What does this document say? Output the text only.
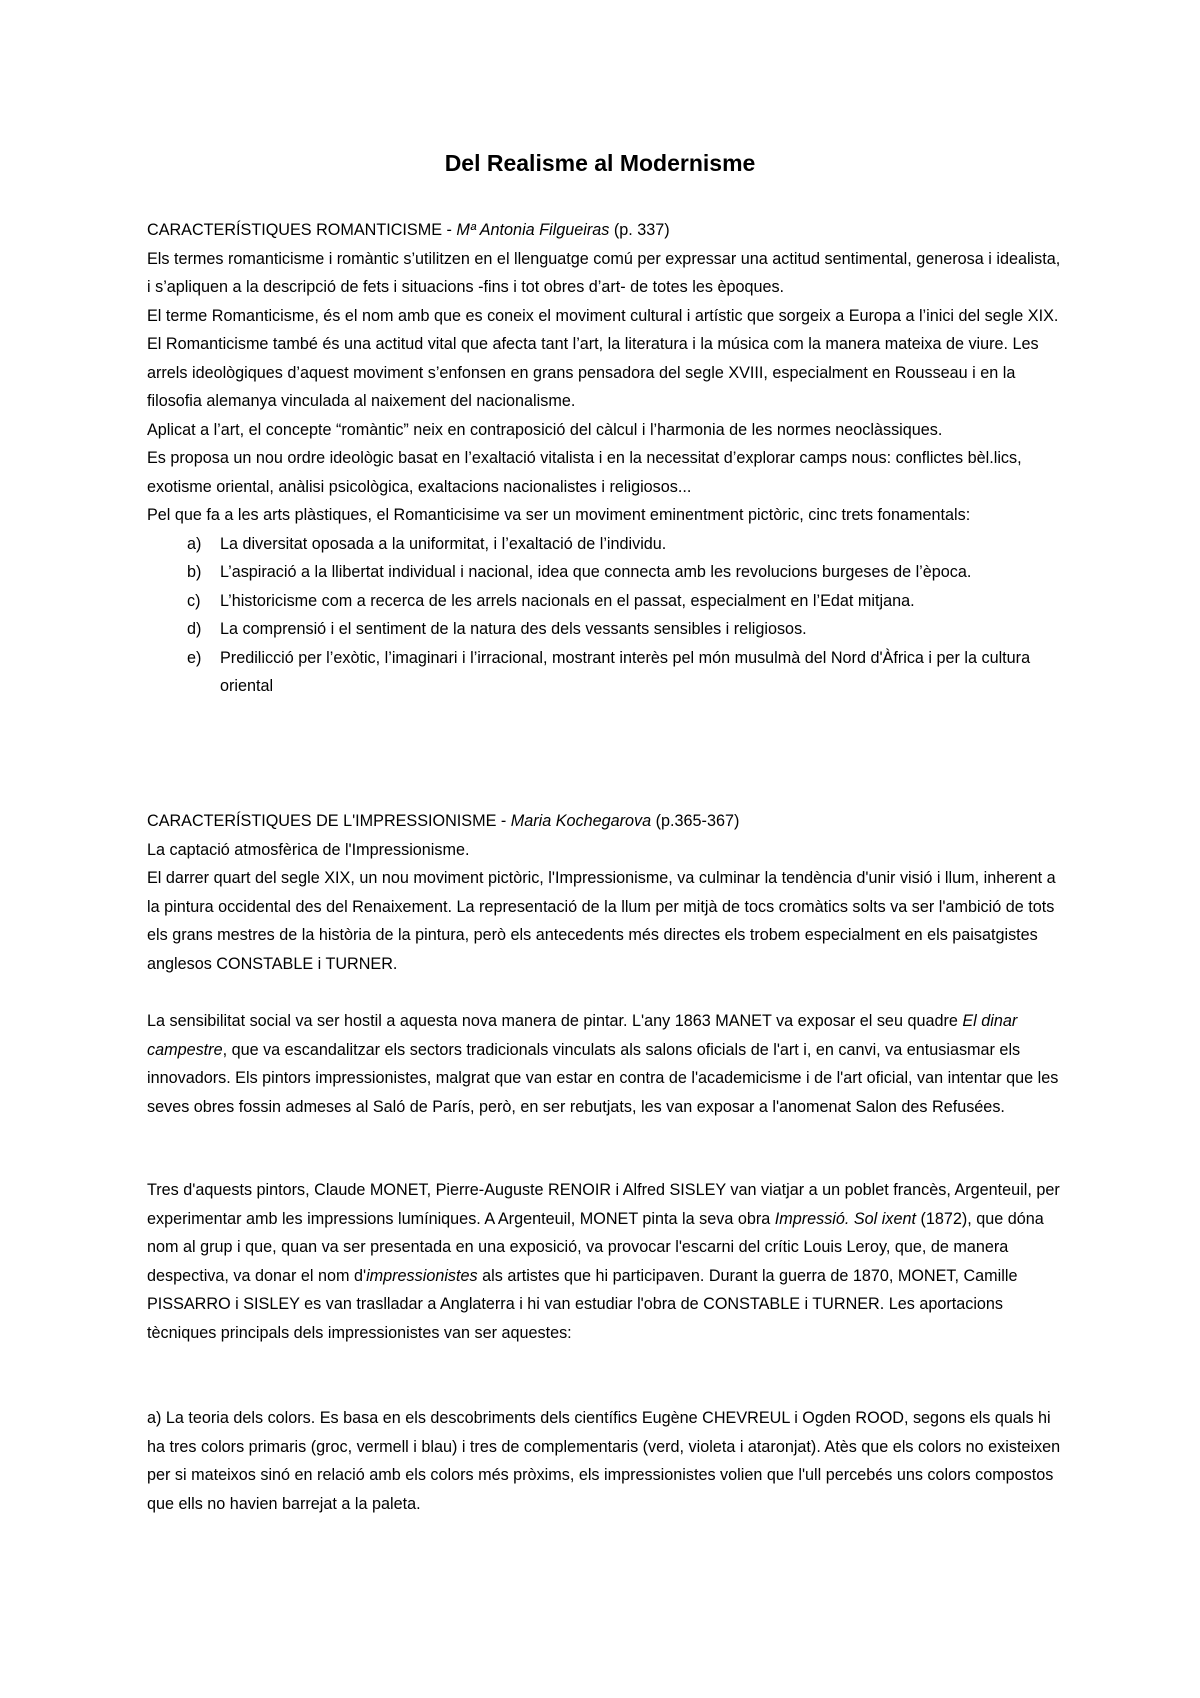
Del Realisme al Modernisme

CARACTERÍSTIQUES ROMANTICISME - Mª Antonia Filgueiras (p. 337)

Els termes romanticisme i romàntic s’utilitzen en el llenguatge comú per expressar una actitud sentimental, generosa i idealista, i s’apliquen a la descripció de fets i situacions -fins i tot obres d’art- de totes les èpoques.

El terme Romanticisme, és el nom amb que es coneix el moviment cultural i artístic que sorgeix a Europa a l’inici del segle XIX.

El Romanticisme també és una actitud vital que afecta tant l’art, la literatura i la música com la manera mateixa de viure. Les arrels ideològiques d’aquest moviment s’enfonsen en grans pensadora del segle XVIII, especialment en Rousseau i en la filosofia alemanya vinculada al naixement del nacionalisme.

Aplicat a l’art, el concepte “romàntic” neix en contraposició del càlcul i l’harmonia de les normes neoclàssiques.

Es proposa un nou ordre ideològic basat en l’exaltació vitalista i en la necessitat d’explorar camps nous: conflictes bèl.lics, exotisme oriental, anàlisi psicològica, exaltacions nacionalistes i religiosos...

Pel que fa a les arts plàstiques, el Romanticisime va ser un moviment eminentment pictòric, cinc trets fonamentals:

a) La diversitat oposada a la uniformitat, i l’exaltació de l’individu.
b) L’aspiració a la llibertat individual i nacional, idea que connecta amb les revolucions burgeses de l’època.
c) L’historicisme com a recerca de les arrels nacionals en el passat, especialment en l’Edat mitjana.
d) La comprensió i el sentiment de la natura des dels vessants sensibles i religiosos.
e) Predilicció per l’exòtic, l’imaginari i l’irracional, mostrant interès pel món musulmà del Nord d'Àfrica i per la cultura oriental

CARACTERÍSTIQUES DE L'IMPRESSIONISME - Maria Kochegarova (p.365-367)

La captació atmosfèrica de l'Impressionisme.

El darrer quart del segle XIX, un nou moviment pictòric, l'Impressionisme, va culminar la tendència d'unir visió i llum, inherent a la pintura occidental des del Renaixement. La representació de la llum per mitjà de tocs cromàtics solts va ser l'ambició de tots els grans mestres de la història de la pintura, però els antecedents més directes els trobem especialment en els paisatgistes anglesos CONSTABLE i TURNER.

La sensibilitat social va ser hostil a aquesta nova manera de pintar. L'any 1863 MANET va exposar el seu quadre El dinar campestre, que va escandalitzar els sectors tradicionals vinculats als salons oficials de l'art i, en canvi, va entusiasmar els innovadors. Els pintors impressionistes, malgrat que van estar en contra de l'academicisme i de l'art oficial, van intentar que les seves obres fossin admeses al Saló de París, però, en ser rebutjats, les van exposar a l'anomenat Salon des Refusées.

Tres d'aquests pintors, Claude MONET, Pierre-Auguste RENOIR i Alfred SISLEY van viatjar a un poblet francès, Argenteuil, per experimentar amb les impressions lumíniques. A Argenteuil, MONET pinta la seva obra Impressió. Sol ixent (1872), que dóna nom al grup i que, quan va ser presentada en una exposició, va provocar l'escarni del crític Louis Leroy, que, de manera despectiva, va donar el nom d'impressionistes als artistes que hi participaven. Durant la guerra de 1870, MONET, Camille PISSARRO i SISLEY es van traslladar a Anglaterra i hi van estudiar l'obra de CONSTABLE i TURNER. Les aportacions tècniques principals dels impressionistes van ser aquestes:

a) La teoria dels colors. Es basa en els descobriments dels científics Eugène CHEVREUL i Ogden ROOD, segons els quals hi ha tres colors primaris (groc, vermell i blau) i tres de complementaris (verd, violeta i ataronjat). Atès que els colors no existeixen per si mateixos sinó en relació amb els colors més pròxims, els impressionistes volien que l'ull percebés uns colors compostos que ells no havien barrejat a la paleta.
